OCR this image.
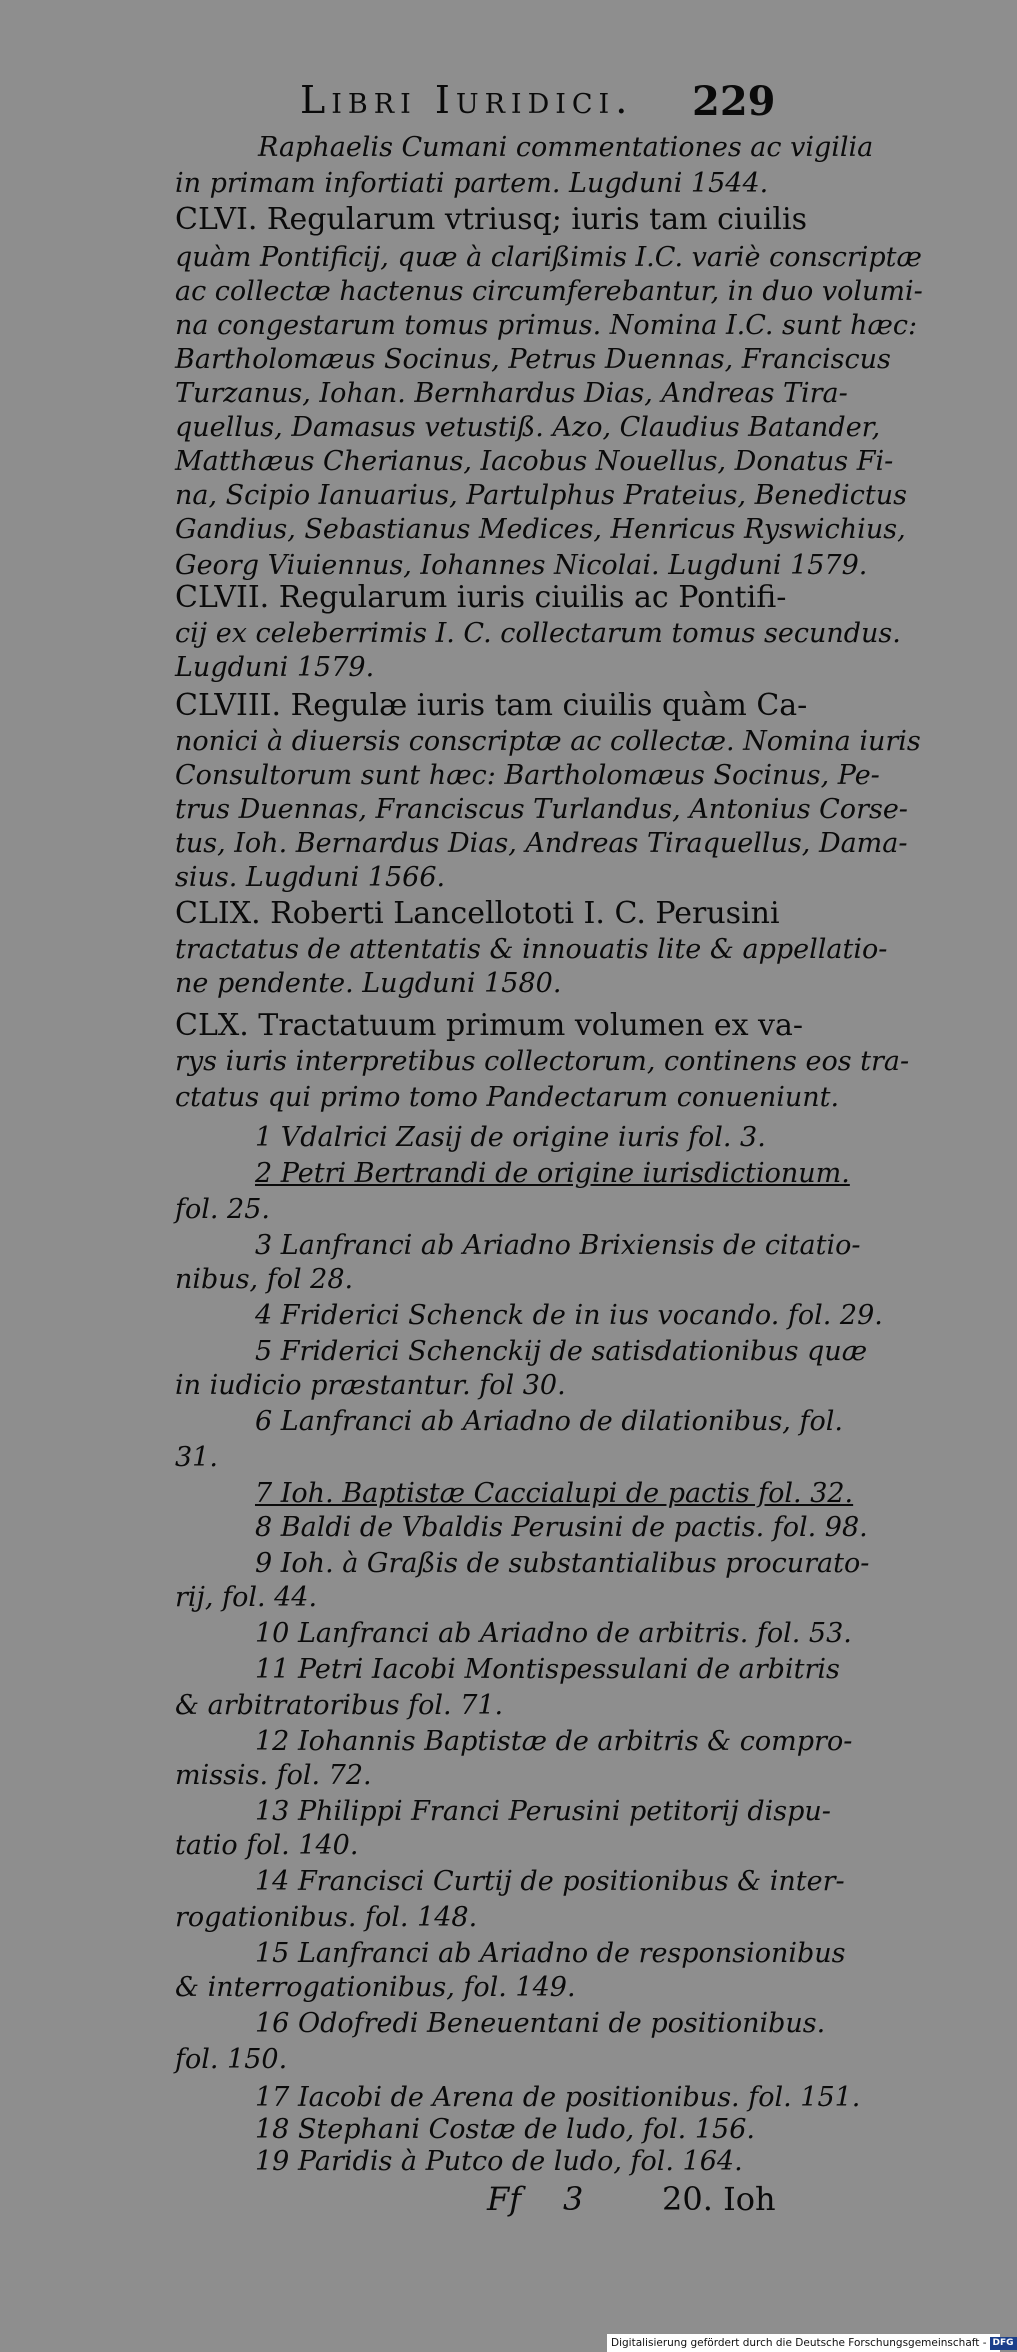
Libri Iuridici. 229
Raphaelis Cumani commentationes ac vigilia
in primam infortiati partem. Lugduni 1544.
CLVI. Regularum vtriusq; iuris tam ciuilis
quàm Pontificij, quæ à clarißimis I.C. variè conscriptæ
ac collectæ hactenus circumferebantur, in duo volumi-
na congestarum tomus primus. Nomina I.C. sunt hæc:
Bartholomæus Socinus, Petrus Duennas, Franciscus
Turzanus, Iohan. Bernhardus Dias, Andreas Tira-
quellus, Damasus vetustiß. Azo, Claudius Batander,
Matthæus Cherianus, Iacobus Nouellus, Donatus Fi-
na, Scipio Ianuarius, Partulphus Prateius, Benedictus
Gandius, Sebastianus Medices, Henricus Ryswichius,
Georg Viuiennus, Iohannes Nicolai. Lugduni 1579.
CLVII. Regularum iuris ciuilis ac Pontifi-
cij ex celeberrimis I. C. collectarum tomus secundus.
Lugduni 1579.
CLVIII. Regulæ iuris tam ciuilis quàm Ca-
nonici à diuersis conscriptæ ac collectæ. Nomina iuris
Consultorum sunt hæc: Bartholomæus Socinus, Pe-
trus Duennas, Franciscus Turlandus, Antonius Corse-
tus, Ioh. Bernardus Dias, Andreas Tiraquellus, Dama-
sius. Lugduni 1566.
CLIX. Roberti Lancellototi I. C. Perusini
tractatus de attentatis & innouatis lite & appellatio-
ne pendente. Lugduni 1580.
CLX. Tractatuum primum volumen ex va-
rys iuris interpretibus collectorum, continens eos tra-
ctatus qui primo tomo Pandectarum conueniunt.
1 Vdalrici Zasij de origine iuris fol. 3.
2 Petri Bertrandi de origine iurisdictionum.
fol. 25.
3 Lanfranci ab Ariadno Brixiensis de citatio-
nibus, fol 28.
4 Friderici Schenck de in ius vocando. fol. 29.
5 Friderici Schenckij de satisdationibus quæ
in iudicio præstantur. fol 30.
6 Lanfranci ab Ariadno de dilationibus, fol.
31.
7 Ioh. Baptistæ Caccialupi de pactis fol. 32.
8 Baldi de Vbaldis Perusini de pactis. fol. 98.
9 Ioh. à Graßis de substantialibus procurato-
rij, fol. 44.
10 Lanfranci ab Ariadno de arbitris. fol. 53.
11 Petri Iacobi Montispessulani de arbitris
& arbitratoribus fol. 71.
12 Iohannis Baptistæ de arbitris & compro-
missis. fol. 72.
13 Philippi Franci Perusini petitorij dispu-
tatio fol. 140.
14 Francisci Curtij de positionibus & inter-
rogationibus. fol. 148.
15 Lanfranci ab Ariadno de responsionibus
& interrogationibus, fol. 149.
16 Odofredi Beneuentani de positionibus.
fol. 150.
17 Iacobi de Arena de positionibus. fol. 151.
18 Stephani Costæ de ludo, fol. 156.
19 Paridis à Putco de ludo, fol. 164.
Ff 3 20. Ioh
Digitalisierung gefördert durch die Deutsche Forschungsgemeinschaft - DFG
